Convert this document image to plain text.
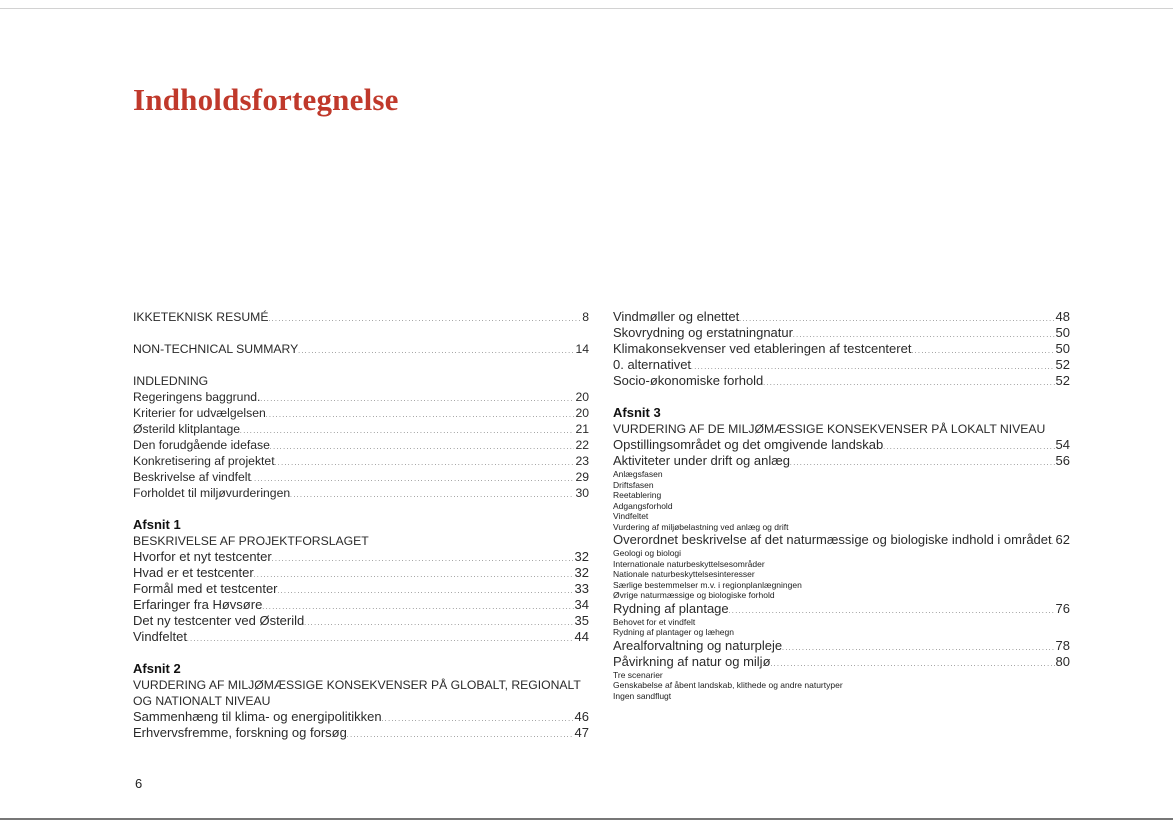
Indholdsfortegnelse
IKKETEKNISK RESUMÉ . . .	8
NON-TECHNICAL SUMMARY . . .	14
INDLEDNING
Regeringens baggrund. . . .	20
Kriterier for udvælgelsen . . .	20
Østerild klitplantage . . .	21
Den forudgående idefase . . .	22
Konkretisering af projektet . . .	23
Beskrivelse af vindfelt . . .	29
Forholdet til miljøvurderingen . . .	30
Afsnit 1
BESKRIVELSE AF PROJEKTFORSLAGET
Hvorfor et nyt testcenter . . .	32
Hvad er et testcenter . . .	32
Formål med et testcenter . . .	33
Erfaringer fra Høvsøre . . .	34
Det ny testcenter ved Østerild . . .	35
Vindfeltet . . .	44
Afsnit 2
VURDERING AF MILJØMÆSSIGE KONSEKVENSER PÅ GLOBALT, REGIONALT
OG NATIONALT NIVEAU
Sammenhæng til klima- og energipolitikken . . .	46
Erhvervsfremme, forskning og forsøg . . .	47
Vindmøller og elnettet . . .	48
Skovrydning og erstatningnatur . . .	50
Klimakonsekvenser ved etableringen af testcenteret . . .	50
0. alternativet . . .	52
Socio-økonomiske forhold . . .	52
Afsnit 3
VURDERING AF DE MILJØMÆSSIGE KONSEKVENSER PÅ LOKALT NIVEAU
Opstillingsområdet og det omgivende landskab . . .	54
Aktiviteter under drift og anlæg . . .	56
Anlægsfasen
Driftsfasen
Reetablering
Adgangsforhold
Vindfeltet
Vurdering af miljøbelastning ved anlæg og drift
Overordnet beskrivelse af det naturmæssige og biologiske indhold i området . . . 62
Geologi og biologi
Internationale naturbeskyttelsesområder
Nationale naturbeskyttelsesinteresser
Særlige bestemmelser m.v. i regionplanlægningen
Øvrige naturmæssige og biologiske forhold
Rydning af plantage . . .	76
Behovet for et vindfelt
Rydning af plantager og læhegn
Arealforvaltning og naturpleje . . .	78
Påvirkning af natur og miljø . . .	80
Tre scenarier
Genskabelse af åbent landskab, klithede og andre naturtyper
Ingen sandflugt
6
